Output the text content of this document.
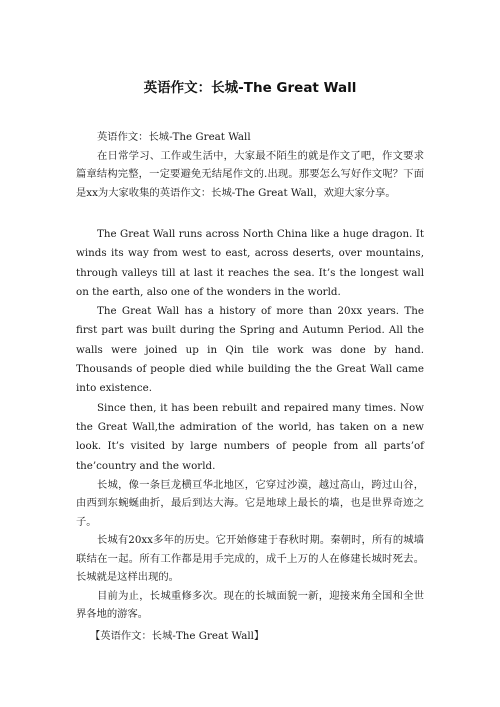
英语作文：长城-The Great Wall

英语作文：长城-The Great Wall

在日常学习、工作或生活中，大家最不陌生的就是作文了吧，作文要求篇章结构完整，一定要避免无结尾作文的.出现。那要怎么写好作文呢？下面是xx为大家收集的英语作文：长城-The Great Wall，欢迎大家分享。

The Great Wall runs across North China like a huge dragon. It winds its way from west to east, across deserts, over mountains, through valleys till at last it reaches the sea. It’s the longest wall on the earth, also one of the wonders in the world.

The Great Wall has a history of more than 20xx years. The first part was built during the Spring and Autumn Period. All the walls were joined up in Qin tile work was done by hand. Thousands of people died while building the the Great Wall came into existence.

Since then, it has been rebuilt and repaired many times. Now the Great Wall,the admiration of the world, has taken on a new look. It’s visited by large numbers of people from all parts’of the’country and the world.

长城，像一条巨龙横亘华北地区，它穿过沙漠，越过高山，跨过山谷，由西到东蜿蜒曲折，最后到达大海。它是地球上最长的墙，也是世界奇迹之子。

长城有20xx多年的历史。它开始修建于春秋时期。秦朝时，所有的城墙联结在一起。所有工作都是用手完成的，成千上万的人在修建长城时死去。长城就是这样出现的。

目前为止，长城重修多次。现在的长城面貌一新，迎接来角全国和全世界各地的游客。

【英语作文：长城-The Great Wall】
